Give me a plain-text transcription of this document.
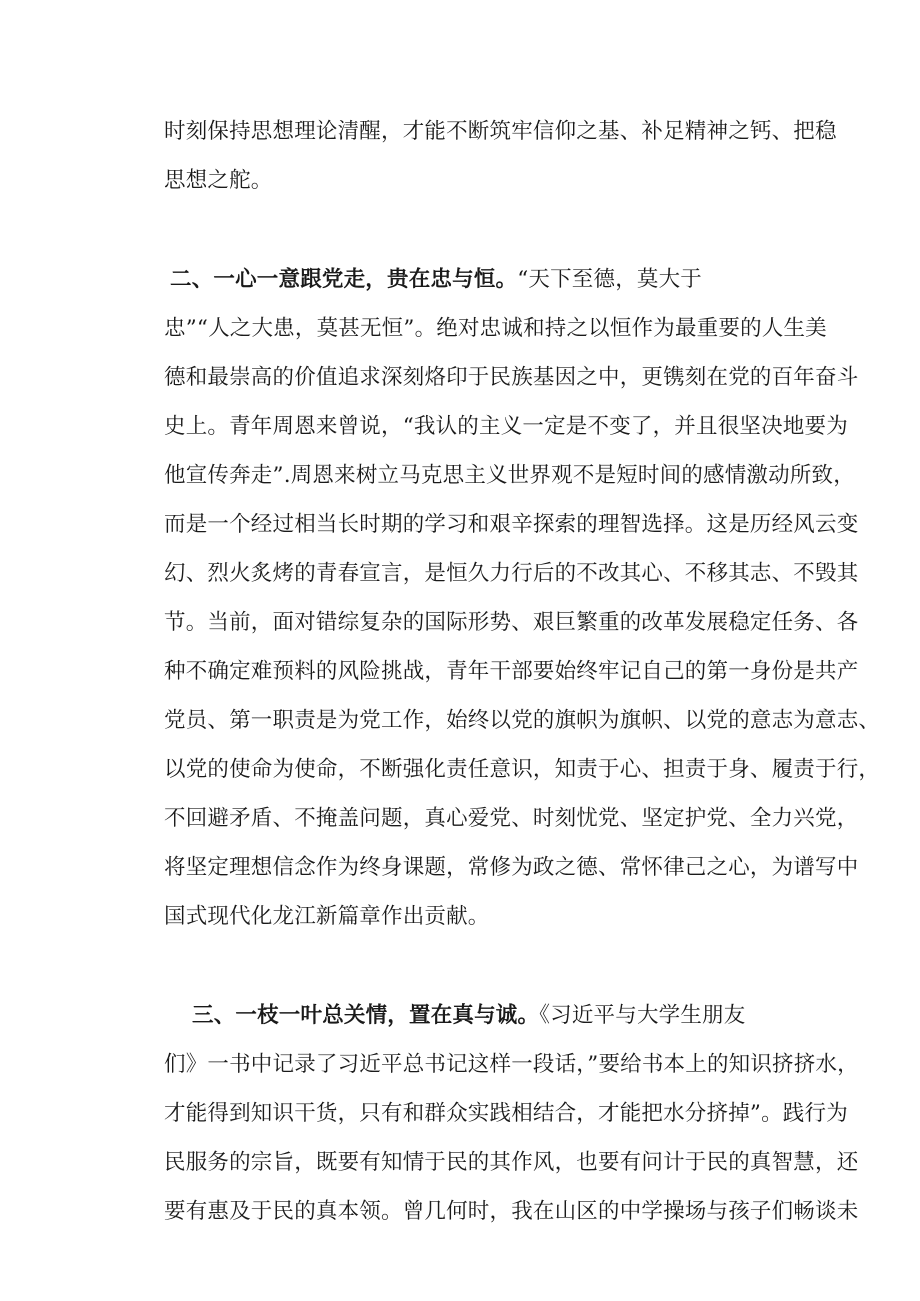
时刻保持思想理论清醒，才能不断筑牢信仰之基、补足精神之钙、把稳
思想之舵。
二、一心一意跟党走，贵在忠与恒。“天下至德，莫大于
忠”“人之大患，莫甚无恒”。绝对忠诚和持之以恒作为最重要的人生美
德和最崇高的价值追求深刻烙印于民族基因之中，更镌刻在党的百年奋斗
史上。青年周恩来曾说，“我认的主义一定是不变了，并且很坚决地要为
他宣传奔走”.周恩来树立马克思主义世界观不是短时间的感情激动所致，
而是一个经过相当长时期的学习和艰辛探索的理智选择。这是历经风云变
幻、烈火炙烤的青春宣言，是恒久力行后的不改其心、不移其志、不毁其
节。当前，面对错综复杂的国际形势、艰巨繁重的改革发展稳定任务、各
种不确定难预料的风险挑战，青年干部要始终牢记自己的第一身份是共产
党员、第一职责是为党工作，始终以党的旗帜为旗帜、以党的意志为意志、
以党的使命为使命，不断强化责任意识，知责于心、担责于身、履责于行，
不回避矛盾、不掩盖问题，真心爱党、时刻忧党、坚定护党、全力兴党，
将坚定理想信念作为终身课题，常修为政之德、常怀律己之心，为谱写中
国式现代化龙江新篇章作出贡献。
三、一枝一叶总关情，置在真与诚。《习近平与大学生朋友
们》一书中记录了习近平总书记这样一段话，”要给书本上的知识挤挤水，
才能得到知识干货，只有和群众实践相结合，才能把水分挤掉”。践行为
民服务的宗旨，既要有知情于民的其作风，也要有问计于民的真智慧，还
要有惠及于民的真本领。曾几何时，我在山区的中学操场与孩子们畅谈未
